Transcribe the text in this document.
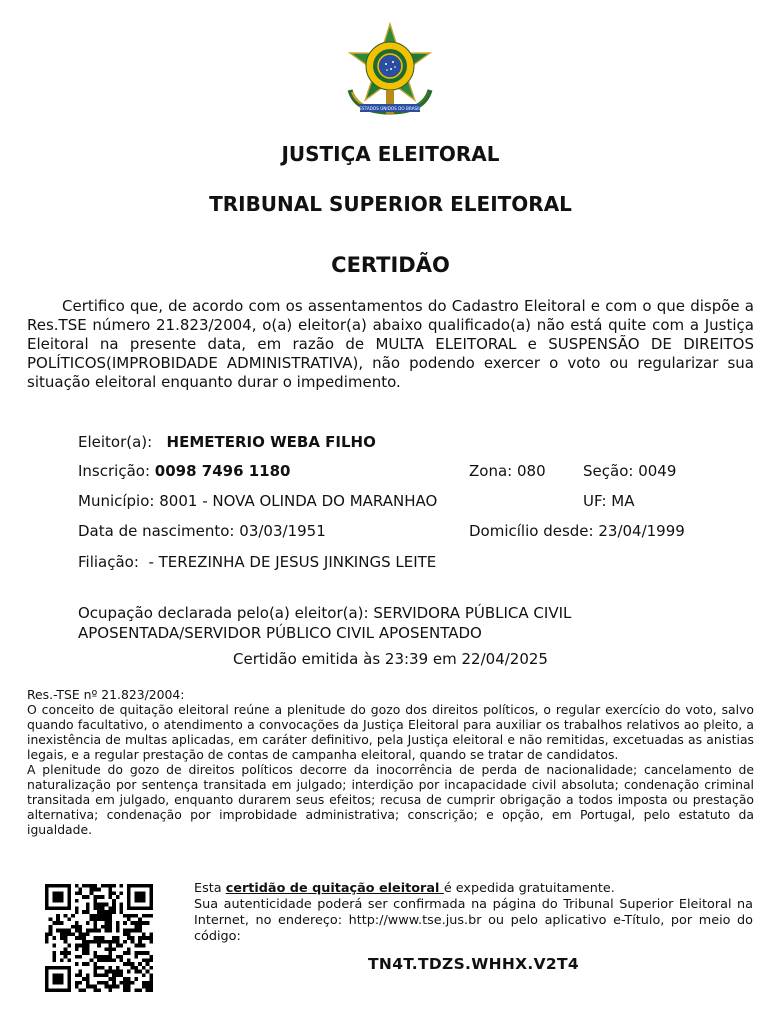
ESTADOS UNIDOS DO BRASIL
JUSTIÇA ELEITORAL
TRIBUNAL SUPERIOR ELEITORAL
CERTIDÃO

Certifico que, de acordo com os assentamentos do Cadastro Eleitoral e com o que dispõe a Res.TSE número 21.823/2004, o(a) eleitor(a) abaixo qualificado(a) não está quite com a Justiça Eleitoral na presente data, em razão de MULTA ELEITORAL e SUSPENSÃO DE DIREITOS POLÍTICOS(IMPROBIDADE ADMINISTRATIVA), não podendo exercer o voto ou regularizar sua situação eleitoral enquanto durar o impedimento.

Eleitor(a): HEMETERIO WEBA FILHO
Inscrição: 0098 7496 1180	Zona: 080 Seção: 0049
Município: 8001 - NOVA OLINDA DO MARANHAO	UF: MA
Data de nascimento: 03/03/1951	Domicílio desde: 23/04/1999
Filiação:  - TEREZINHA DE JESUS JINKINGS LEITE
Ocupação declarada pelo(a) eleitor(a): SERVIDORA PÚBLICA CIVIL APOSENTADA/SERVIDOR PÚBLICO CIVIL APOSENTADO
Certidão emitida às 23:39 em 22/04/2025

Res.-TSE nº 21.823/2004:

O conceito de quitação eleitoral reúne a plenitude do gozo dos direitos políticos, o regular exercício do voto, salvo quando facultativo, o atendimento a convocações da Justiça Eleitoral para auxiliar os trabalhos relativos ao pleito, a inexistência de multas aplicadas, em caráter definitivo, pela Justiça eleitoral e não remitidas, excetuadas as anistias legais, e a regular prestação de contas de campanha eleitoral, quando se tratar de candidatos.

A plenitude do gozo de direitos políticos decorre da inocorrência de perda de nacionalidade; cancelamento de naturalização por sentença transitada em julgado; interdição por incapacidade civil absoluta; condenação criminal transitada em julgado, enquanto durarem seus efeitos; recusa de cumprir obrigação a todos imposta ou prestação alternativa; condenação por improbidade administrativa; conscrição; e opção, em Portugal, pelo estatuto da igualdade.

Esta certidão de quitação eleitoral é expedida gratuitamente.

Sua autenticidade poderá ser confirmada na página do Tribunal Superior Eleitoral na Internet, no endereço: http://www.tse.jus.br ou pelo aplicativo e-Título, por meio do código:

TN4T.TDZS.WHHX.V2T4
